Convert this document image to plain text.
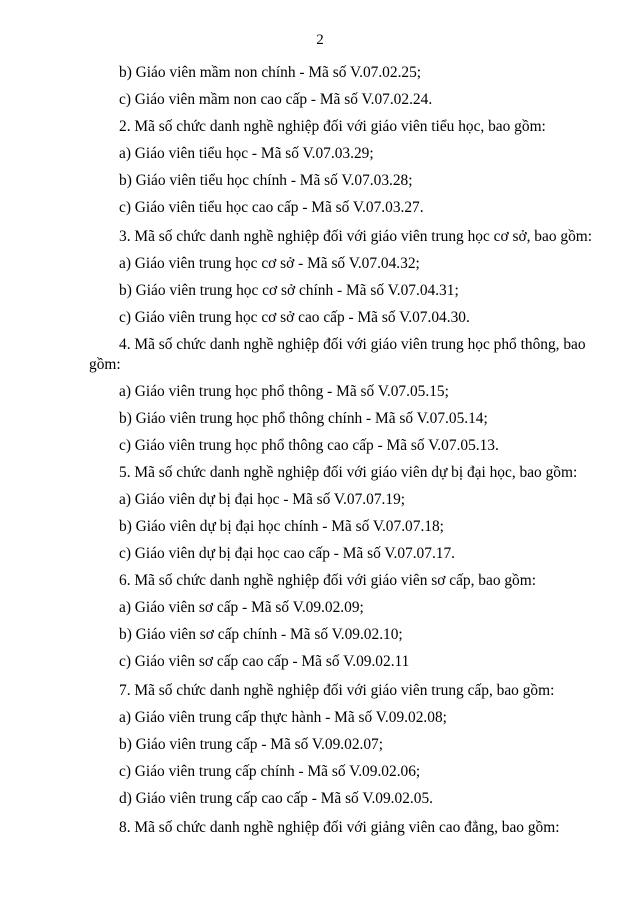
2
b) Giáo viên mầm non chính - Mã số V.07.02.25;
c) Giáo viên mầm non cao cấp - Mã số V.07.02.24.
2. Mã số chức danh nghề nghiệp đối với giáo viên tiểu học, bao gồm:
a) Giáo viên tiểu học - Mã số V.07.03.29;
b) Giáo viên tiểu học chính - Mã số V.07.03.28;
c) Giáo viên tiểu học cao cấp - Mã số V.07.03.27.
3. Mã số chức danh nghề nghiệp đối với giáo viên trung học cơ sở, bao gồm:
a) Giáo viên trung học cơ sở - Mã số V.07.04.32;
b) Giáo viên trung học cơ sở chính - Mã số V.07.04.31;
c) Giáo viên trung học cơ sở cao cấp - Mã số V.07.04.30.
4. Mã số chức danh nghề nghiệp đối với giáo viên trung học phổ thông, bao
gồm:
a) Giáo viên trung học phổ thông - Mã số V.07.05.15;
b) Giáo viên trung học phổ thông chính - Mã số V.07.05.14;
c) Giáo viên trung học phổ thông cao cấp - Mã số V.07.05.13.
5. Mã số chức danh nghề nghiệp đối với giáo viên dự bị đại học, bao gồm:
a) Giáo viên dự bị đại học - Mã số V.07.07.19;
b) Giáo viên dự bị đại học chính - Mã số V.07.07.18;
c) Giáo viên dự bị đại học cao cấp - Mã số V.07.07.17.
6. Mã số chức danh nghề nghiệp đối với giáo viên sơ cấp, bao gồm:
a) Giáo viên sơ cấp - Mã số V.09.02.09;
b) Giáo viên sơ cấp chính - Mã số V.09.02.10;
c) Giáo viên sơ cấp cao cấp - Mã số V.09.02.11
7. Mã số chức danh nghề nghiệp đối với giáo viên trung cấp, bao gồm:
a) Giáo viên trung cấp thực hành - Mã số V.09.02.08;
b) Giáo viên trung cấp - Mã số V.09.02.07;
c) Giáo viên trung cấp chính - Mã số V.09.02.06;
d) Giáo viên trung cấp cao cấp - Mã số V.09.02.05.
8. Mã số chức danh nghề nghiệp đối với giảng viên cao đẳng, bao gồm:
